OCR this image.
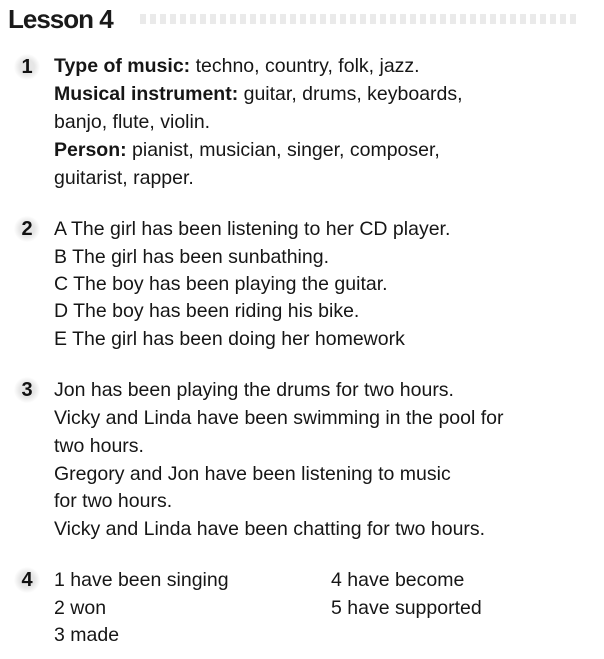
Lesson 4
1	Type of music: techno, country, folk, jazz.
Musical instrument: guitar, drums, keyboards,
banjo, flute, violin.
Person: pianist, musician, singer, composer,
guitarist, rapper.
2	A The girl has been listening to her CD player.
B The girl has been sunbathing.
C The boy has been playing the guitar.
D The boy has been riding his bike.
E The girl has been doing her homework
3	Jon has been playing the drums for two hours.
Vicky and Linda have been swimming in the pool for
two hours.
Gregory and Jon have been listening to music
for two hours.
Vicky and Linda have been chatting for two hours.
4	1 have been singing
2 won
3 made
4 have become
5 have supported
